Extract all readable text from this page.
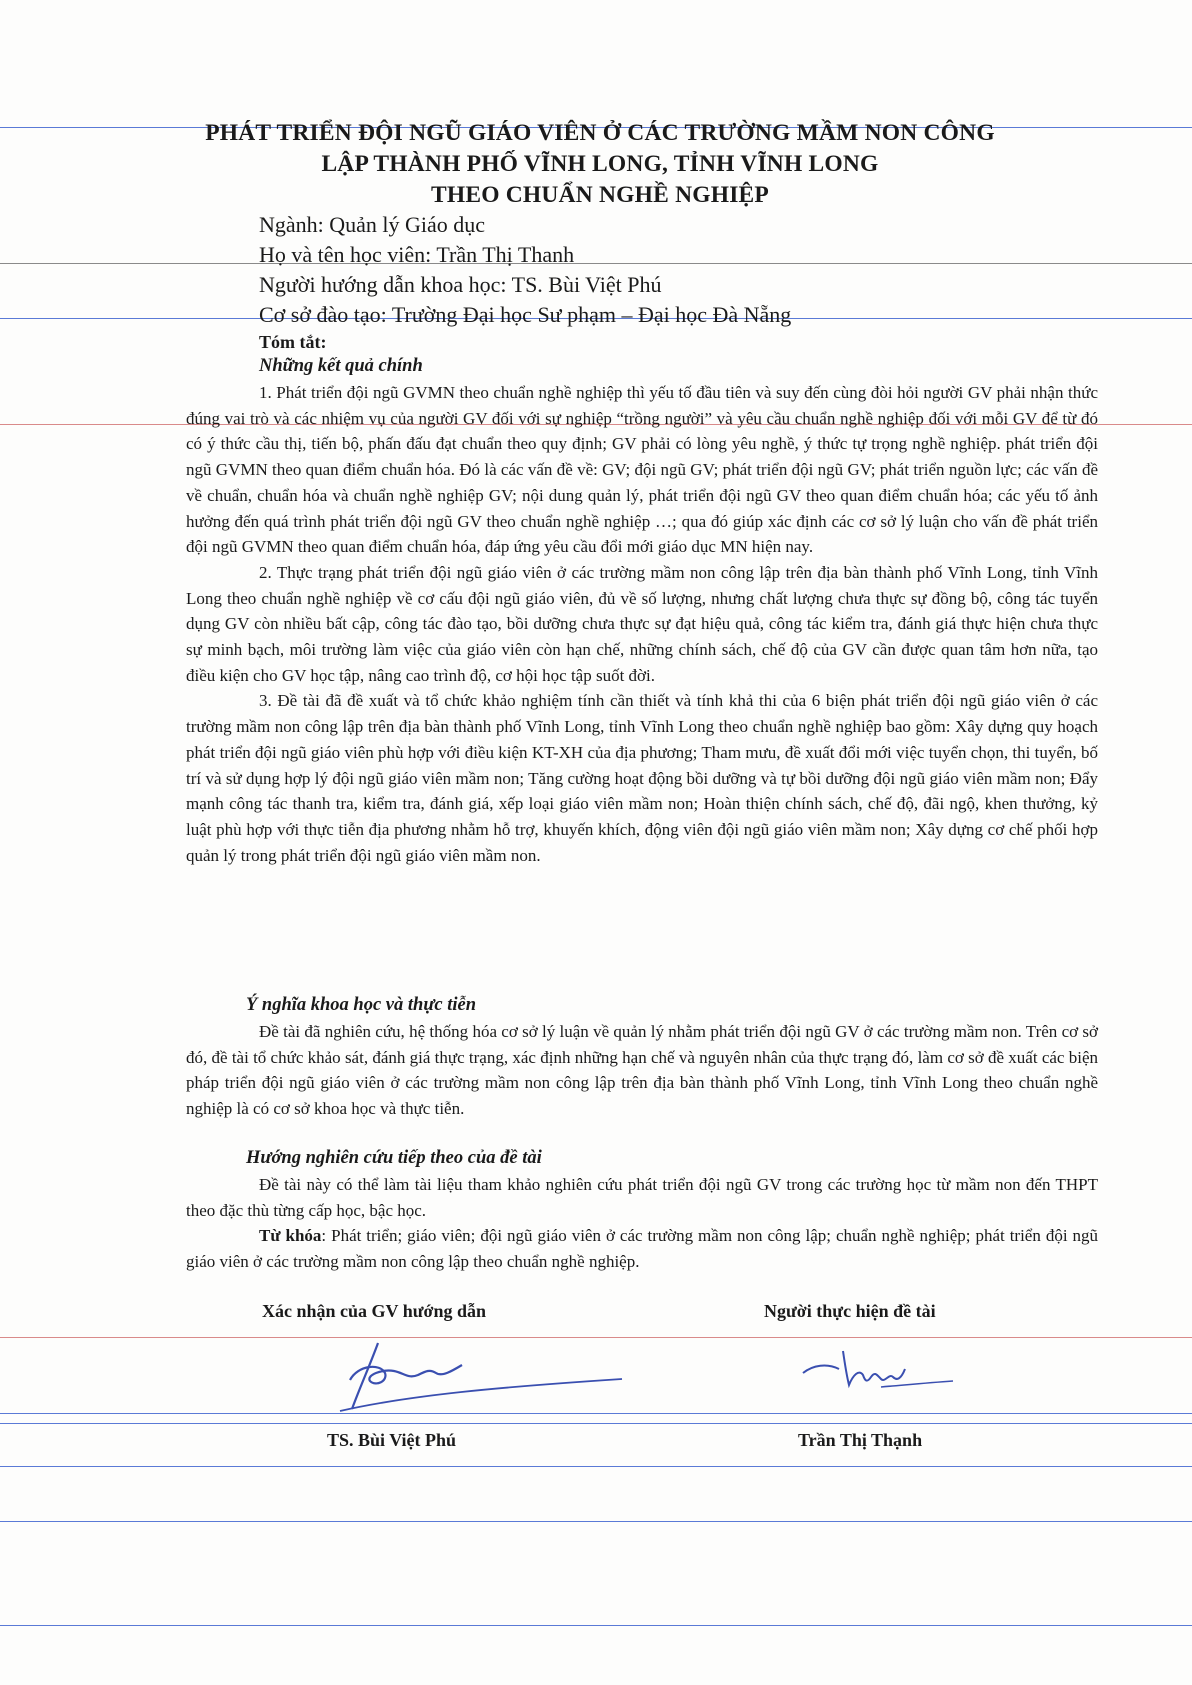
PHÁT TRIỂN ĐỘI NGŨ GIÁO VIÊN Ở CÁC TRƯỜNG MẦM NON CÔNG
LẬP THÀNH PHỐ VĨNH LONG, TỈNH VĨNH LONG
THEO CHUẨN NGHỀ NGHIỆP
Ngành: Quản lý Giáo dục
Họ và tên học viên: Trần Thị Thanh
Người hướng dẫn khoa học: TS. Bùi Việt Phú
Cơ sở đào tạo: Trường Đại học Sư phạm – Đại học Đà Nẵng
Tóm tắt:
Những kết quả chính

1. Phát triển đội ngũ GVMN theo chuẩn nghề nghiệp thì yếu tố đầu tiên và suy đến cùng đòi hỏi người GV phải nhận thức đúng vai trò và các nhiệm vụ của người GV đối với sự nghiệp “trồng người” và yêu cầu chuẩn nghề nghiệp đối với mỗi GV để từ đó có ý thức cầu thị, tiến bộ, phấn đấu đạt chuẩn theo quy định; GV phải có lòng yêu nghề, ý thức tự trọng nghề nghiệp. phát triển đội ngũ GVMN theo quan điểm chuẩn hóa. Đó là các vấn đề về: GV; đội ngũ GV; phát triển đội ngũ GV; phát triển nguồn lực; các vấn đề về chuẩn, chuẩn hóa và chuẩn nghề nghiệp GV; nội dung quản lý, phát triển đội ngũ GV theo quan điểm chuẩn hóa; các yếu tố ảnh hưởng đến quá trình phát triển đội ngũ GV theo chuẩn nghề nghiệp …; qua đó giúp xác định các cơ sở lý luận cho vấn đề phát triển đội ngũ GVMN theo quan điểm chuẩn hóa, đáp ứng yêu cầu đổi mới giáo dục MN hiện nay.

2. Thực trạng phát triển đội ngũ giáo viên ở các trường mầm non công lập trên địa bàn thành phố Vĩnh Long, tỉnh Vĩnh Long theo chuẩn nghề nghiệp về cơ cấu đội ngũ giáo viên, đủ về số lượng, nhưng chất lượng chưa thực sự đồng bộ, công tác tuyển dụng GV còn nhiều bất cập, công tác đào tạo, bồi dưỡng chưa thực sự đạt hiệu quả, công tác kiểm tra, đánh giá thực hiện chưa thực sự minh bạch, môi trường làm việc của giáo viên còn hạn chế, những chính sách, chế độ của GV cần được quan tâm hơn nữa, tạo điều kiện cho GV học tập, nâng cao trình độ, cơ hội học tập suốt đời.

3. Đề tài đã đề xuất và tổ chức khảo nghiệm tính cần thiết và tính khả thi của 6 biện phát triển đội ngũ giáo viên ở các trường mầm non công lập trên địa bàn thành phố Vĩnh Long, tỉnh Vĩnh Long theo chuẩn nghề nghiệp bao gồm: Xây dựng quy hoạch phát triển đội ngũ giáo viên phù hợp với điều kiện KT-XH của địa phương; Tham mưu, đề xuất đổi mới việc tuyển chọn, thi tuyển, bố trí và sử dụng hợp lý đội ngũ giáo viên mầm non; Tăng cường hoạt động bồi dưỡng và tự bồi dưỡng đội ngũ giáo viên mầm non; Đẩy mạnh công tác thanh tra, kiểm tra, đánh giá, xếp loại giáo viên mầm non; Hoàn thiện chính sách, chế độ, đãi ngộ, khen thưởng, kỷ luật phù hợp với thực tiễn địa phương nhằm hỗ trợ, khuyến khích, động viên đội ngũ giáo viên mầm non; Xây dựng cơ chế phối hợp quản lý trong phát triển đội ngũ giáo viên mầm non.

Ý nghĩa khoa học và thực tiễn

Đề tài đã nghiên cứu, hệ thống hóa cơ sở lý luận về quản lý nhằm phát triển đội ngũ GV ở các trường mầm non. Trên cơ sở đó, đề tài tổ chức khảo sát, đánh giá thực trạng, xác định những hạn chế và nguyên nhân của thực trạng đó, làm cơ sở đề xuất các biện pháp triển đội ngũ giáo viên ở các trường mầm non công lập trên địa bàn thành phố Vĩnh Long, tỉnh Vĩnh Long theo chuẩn nghề nghiệp là có cơ sở khoa học và thực tiễn.

Hướng nghiên cứu tiếp theo của đề tài

Đề tài này có thể làm tài liệu tham khảo nghiên cứu phát triển đội ngũ GV trong các trường học từ mầm non đến THPT theo đặc thù từng cấp học, bậc học.

Từ khóa: Phát triển; giáo viên; đội ngũ giáo viên ở các trường mầm non công lập; chuẩn nghề nghiệp; phát triển đội ngũ giáo viên ở các trường mầm non công lập theo chuẩn nghề nghiệp.

Xác nhận của GV hướng dẫn	Người thực hiện đề tài
TS. Bùi Việt Phú	Trần Thị Thạnh
